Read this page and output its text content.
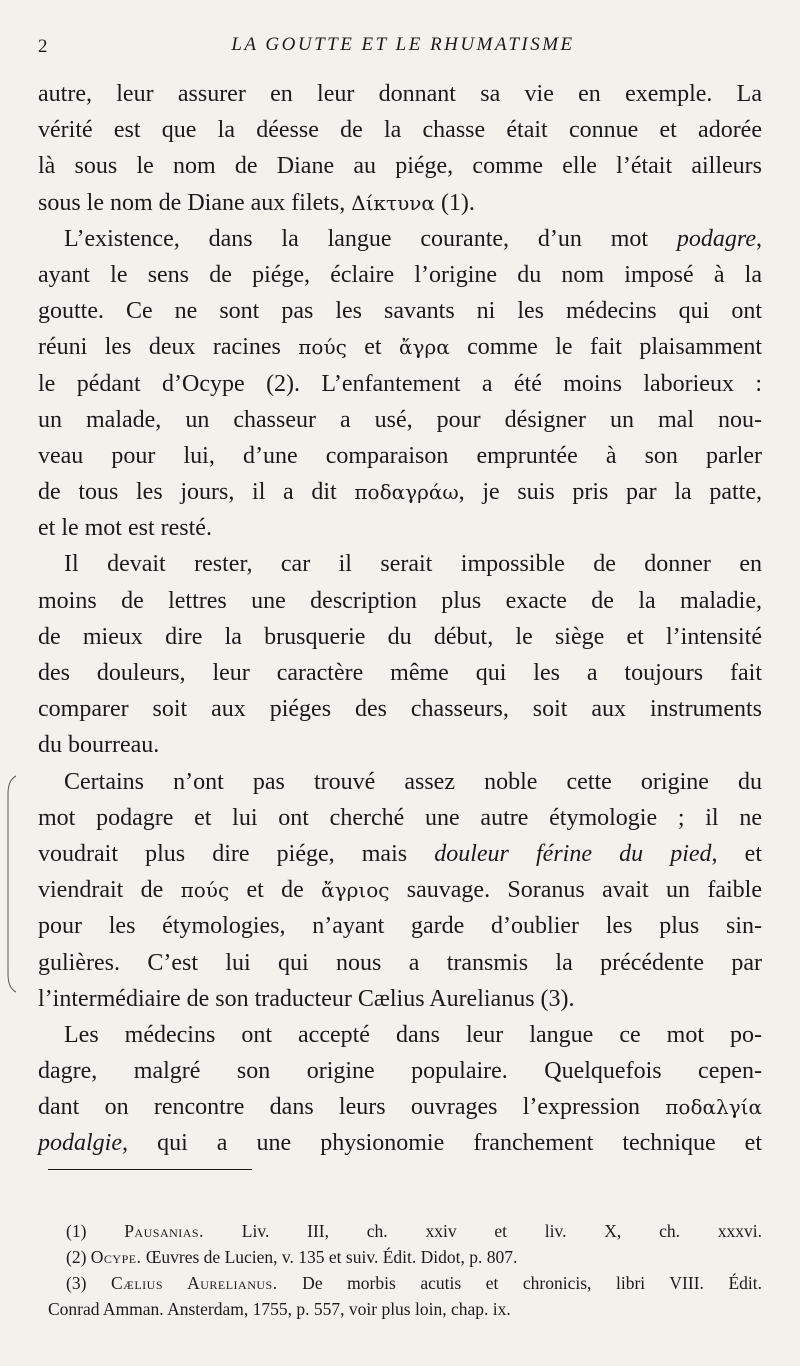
2	LA GOUTTE ET LE RHUMATISME
autre, leur assurer en leur donnant sa vie en exemple. La
vérité est que la déesse de la chasse était connue et adorée
là sous le nom de Diane au piége, comme elle l’était ailleurs
sous le nom de Diane aux filets, Δίκτυνα (1).
L’existence, dans la langue courante, d’un mot podagre,
ayant le sens de piége, éclaire l’origine du nom imposé à la
goutte. Ce ne sont pas les savants ni les médecins qui ont
réuni les deux racines πούς et ἄγρα comme le fait plaisamment
le pédant d’Ocype (2). L’enfantement a été moins laborieux :
un malade, un chasseur a usé, pour désigner un mal nou-
veau pour lui, d’une comparaison empruntée à son parler
de tous les jours, il a dit ποδαγράω, je suis pris par la patte,
et le mot est resté.
Il devait rester, car il serait impossible de donner en
moins de lettres une description plus exacte de la maladie,
de mieux dire la brusquerie du début, le siège et l’intensité
des douleurs, leur caractère même qui les a toujours fait
comparer soit aux piéges des chasseurs, soit aux instruments
du bourreau.
Certains n’ont pas trouvé assez noble cette origine du
mot podagre et lui ont cherché une autre étymologie ; il ne
voudrait plus dire piége, mais douleur férine du pied, et
viendrait de πούς et de ἄγριος sauvage. Soranus avait un faible
pour les étymologies, n’ayant garde d’oublier les plus sin-
gulières. C’est lui qui nous a transmis la précédente par
l’intermédiaire de son traducteur Cælius Aurelianus (3).
Les médecins ont accepté dans leur langue ce mot po-
dagre, malgré son origine populaire. Quelquefois cepen-
dant on rencontre dans leurs ouvrages l’expression ποδαλγία
podalgie, qui a une physionomie franchement technique et
(1) Pausanias. Liv. III, ch. xxiv et liv. X, ch. xxxvi.
(2) Ocype. Œuvres de Lucien, v. 135 et suiv. Édit. Didot, p. 807.
(3) Cælius Aurelianus. De morbis acutis et chronicis, libri VIII. Édit.
Conrad Amman. Ansterdam, 1755, p. 557, voir plus loin, chap. ix.
